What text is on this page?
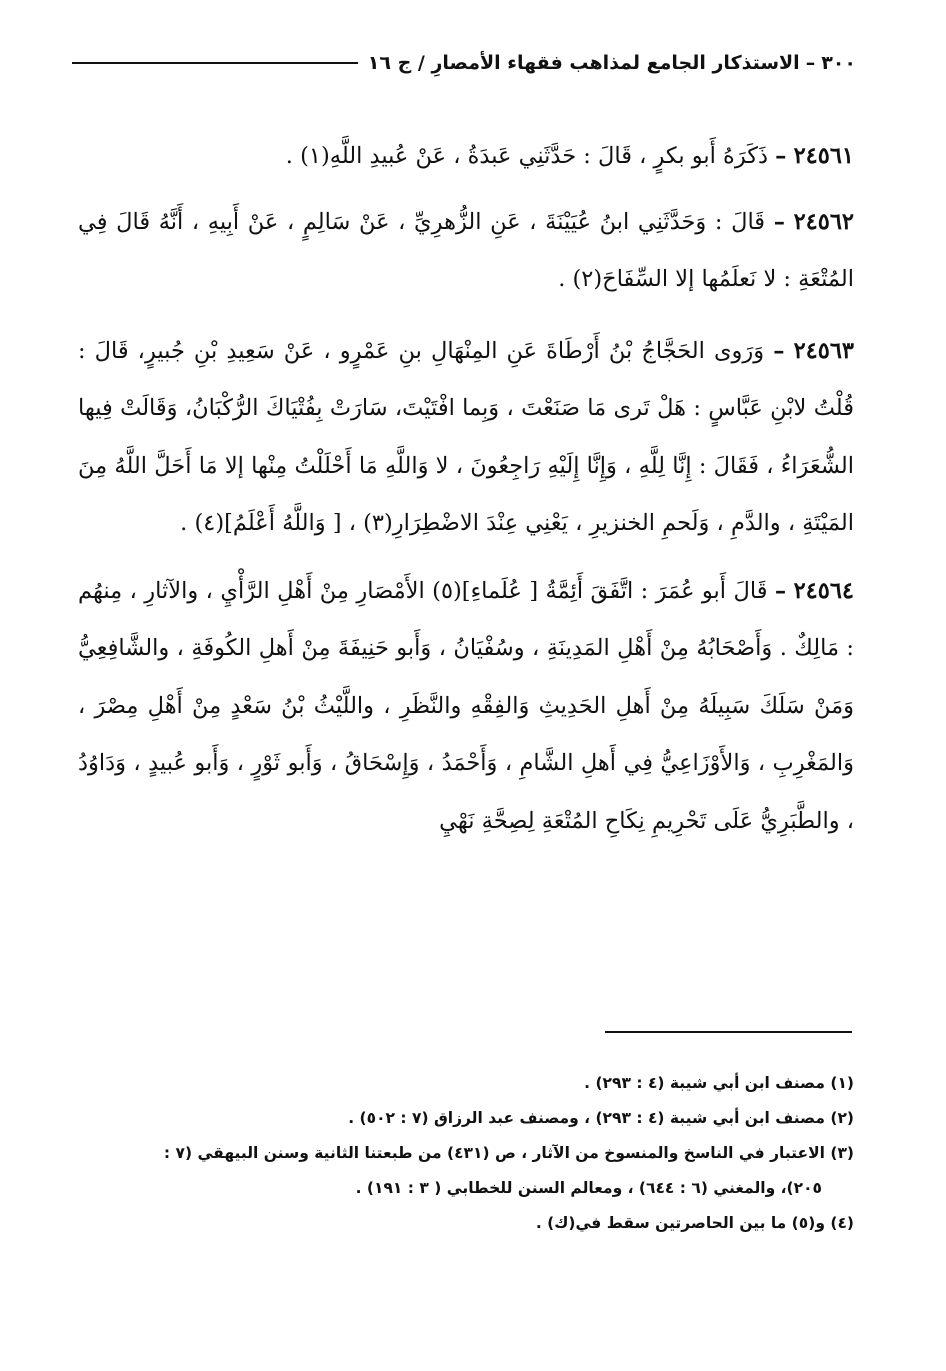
٣٠٠
–
الاستذكار الجامع لمذاهب فقهاء الأمصارِ / ج ١٦

٢٤٥٦١ – ذَكَرَهُ أَبو بكرٍ ، قَالَ : حَدَّثَنِي عَبدَةُ ، عَنْ عُبيدِ اللَّهِ(١) .

٢٤٥٦٢ – قَالَ : وَحَدَّثَنِي ابنُ عُيَيْنَةَ ، عَنِ الزُّهرِيِّ ، عَنْ سَالِمٍ ، عَنْ أَبِيهِ ، أَنَّهُ قَالَ فِي المُتْعَةِ : لا نَعلَمُها إلا السِّفَاحَ(٢) .

٢٤٥٦٣ – وَرَوى الحَجَّاجُ بْنُ أَرْطَاةَ عَنِ المِنْهَالِ بنِ عَمْرٍو ، عَنْ سَعِيدِ بْنِ جُبيرٍ، قَالَ : قُلْتُ لابْنِ عَبَّاسٍ : هَلْ تَرى مَا صَنَعْتَ ، وَبِما افْتَيْتَ، سَارَتْ بِفُتْيَاكَ الرُّكْبَانُ، وَقَالَتْ فِيها الشُّعَرَاءُ ، فَقَالَ : إِنَّا لِلَّهِ ، وَإِنَّا إِلَيْهِ رَاجِعُونَ ، لا وَاللَّهِ مَا أَحْلَلْتُ مِنْها إلا مَا أَحَلَّ اللَّهُ مِنَ المَيْتَةِ ، والدَّمِ ، وَلَحمِ الخنزيرِ ، يَعْنِي عِنْدَ الاضْطِرَارِ(٣) ، [ وَاللَّهُ أَعْلَمُ](٤) .

٢٤٥٦٤ – قَالَ أَبو عُمَرَ : اتَّفَقَ أَئِمَّةُ [ عُلَماءِ](٥) الأَمْصَارِ مِنْ أَهْلِ الرَّأْيِ ، والآثارِ ، مِنهُم : مَالِكٌ . وَأَصْحَابُهُ مِنْ أَهْلِ المَدِينَةِ ، وسُفْيَانُ ، وَأَبو حَنِيفَةَ مِنْ أَهلِ الكُوفَةِ ، والشَّافِعِيُّ وَمَنْ سَلَكَ سَبِيلَهُ مِنْ أَهلِ الحَدِيثِ وَالفِقْهِ والنَّظَرِ ، واللَّيْثُ بْنُ سَعْدٍ مِنْ أَهْلِ مِصْرَ ، وَالمَغْرِبِ ، وَالأَوْزَاعِيُّ فِي أَهلِ الشَّامِ ، وَأَحْمَدُ ، وَإِسْحَاقُ ، وَأَبو ثَوْرٍ ، وَأَبو عُبيدٍ ، وَدَاوُدُ ، والطَّبَرِيُّ عَلَى تَحْرِيمِ نِكَاحِ المُتْعَةِ لِصِحَّةِ نَهْيِ

(١) مصنف ابن أبي شيبة (٤ : ٢٩٣) .

(٢) مصنف ابن أبي شيبة (٤ : ٢٩٣) ، ومصنف عبد الرزاق (٧ : ٥٠٢) .

(٣) الاعتبار في الناسخ والمنسوخ من الآثار ، ص (٤٣١) من طبعتنا الثانية وسنن البيهقي (٧ :

٢٠٥)، والمغني (٦ : ٦٤٤) ، ومعالم السنن للخطابي ( ٣ : ١٩١) .

(٤) و(٥) ما بين الحاصرتين سقط في(ك) .
